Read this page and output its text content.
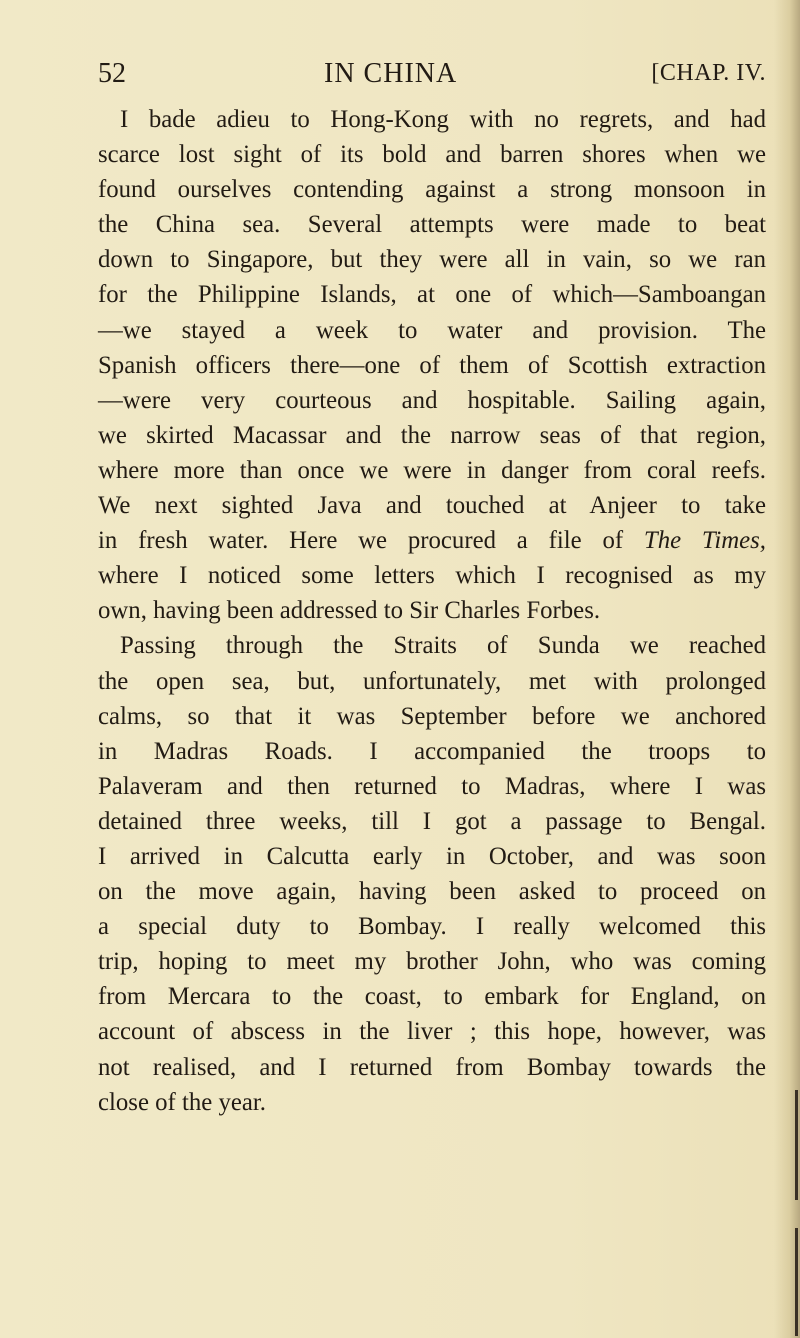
52	IN CHINA	[CHAP. IV.
I bade adieu to Hong-Kong with no regrets, and had
scarce lost sight of its bold and barren shores when we
found ourselves contending against a strong monsoon in
the China sea. Several attempts were made to beat
down to Singapore, but they were all in vain, so we ran
for the Philippine Islands, at one of which—Samboangan
—we stayed a week to water and provision. The
Spanish officers there—one of them of Scottish extraction
—were very courteous and hospitable. Sailing again,
we skirted Macassar and the narrow seas of that region,
where more than once we were in danger from coral reefs.
We next sighted Java and touched at Anjeer to take
in fresh water. Here we procured a file of The Times,
where I noticed some letters which I recognised as my
own, having been addressed to Sir Charles Forbes.
Passing through the Straits of Sunda we reached
the open sea, but, unfortunately, met with prolonged
calms, so that it was September before we anchored
in Madras Roads. I accompanied the troops to
Palaveram and then returned to Madras, where I was
detained three weeks, till I got a passage to Bengal.
I arrived in Calcutta early in October, and was soon
on the move again, having been asked to proceed on
a special duty to Bombay. I really welcomed this
trip, hoping to meet my brother John, who was coming
from Mercara to the coast, to embark for England, on
account of abscess in the liver ; this hope, however, was
not realised, and I returned from Bombay towards the
close of the year.
